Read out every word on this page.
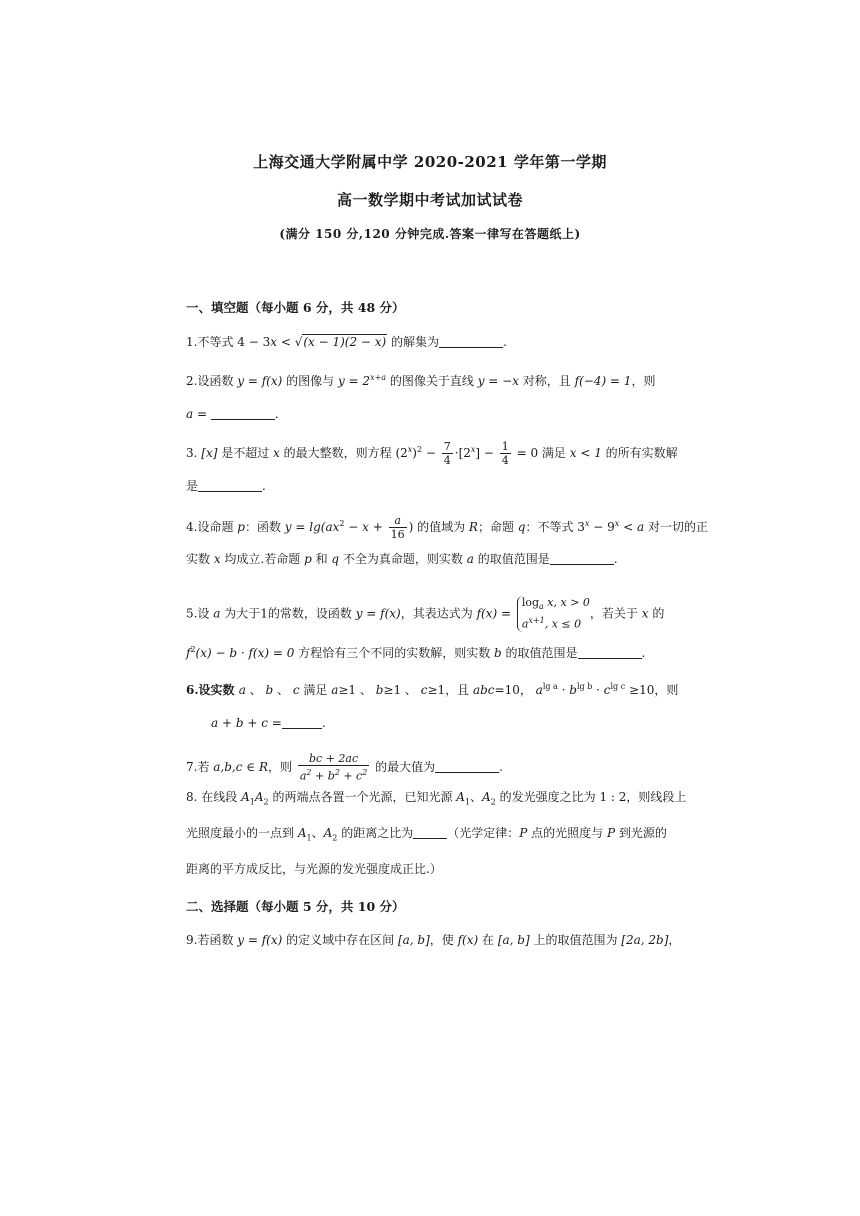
上海交通大学附属中学 2020-2021 学年第一学期
高一数学期中考试加试试卷
(满分 150 分,120 分钟完成.答案一律写在答题纸上)
一、填空题（每小题 6 分，共 48 分）
1.不等式 4 − 3x < √(x − 1)(2 − x) 的解集为	.
2.设函数 y = f(x) 的图像与 $y = 2^{x+a}$ 的图像关于直线 y = −x 对称，且 f(−4) = 1，则
a =	.
3. [x] 是不超过 x 的最大整数，则方程 $(2^x)^2 - \frac{7}{4} \cdot[2^x] - \frac{1}{4} = 0$ 满足 x < 1 的所有实数解
是	.
4.设命题 p：函数 $y = \lg(ax^2 - x + \frac{a}{16}$ ) 的值域为 R；命题 q：不等式 $3^x - 9^x < a$ 对一切的正
实数 x 均成立.若命题 p 和 q 不全为真命题，则实数 a 的取值范围是	.
5.设 a 为大于1的常数，设函数 y = f(x)，其表达式为 f(x) =
$\log_a x$, x > 0
$a^{x+1}$, x ≤ 0
，若关于 x 的
$f^2(x) - b \cdot f(x) = 0$ 方程恰有三个不同的实数解，则实数 b 的取值范围是	.
6.设实数 a 、 b 、 c 满足 a≥1 、 b≥1 、 c≥1，且 abc=10， $a^{lg a} \cdot b^{lg b} \cdot c^{lg c} \ge 10$，则
a + b + c =	.
7.若 a,b,c ∈ R，则 $\frac{bc + 2ac}{a^2 + b^2 + c^2}$ 的最大值为	.
8. 在线段 $A_1A_2$ 的两端点各置一个光源，已知光源 $A_1$、$A_2$ 的发光强度之比为 1 : 2，则线段上
光照度最小的一点到 $A_1$、$A_2$ 的距离之比为	（光学定律：P 点的光照度与 P 到光源的
距离的平方成反比，与光源的发光强度成正比.）
二、选择题（每小题 5 分，共 10 分）
9.若函数 y = f(x) 的定义域中存在区间 [a, b]，使 f(x) 在 [a, b] 上的取值范围为 [2a, 2b]，
